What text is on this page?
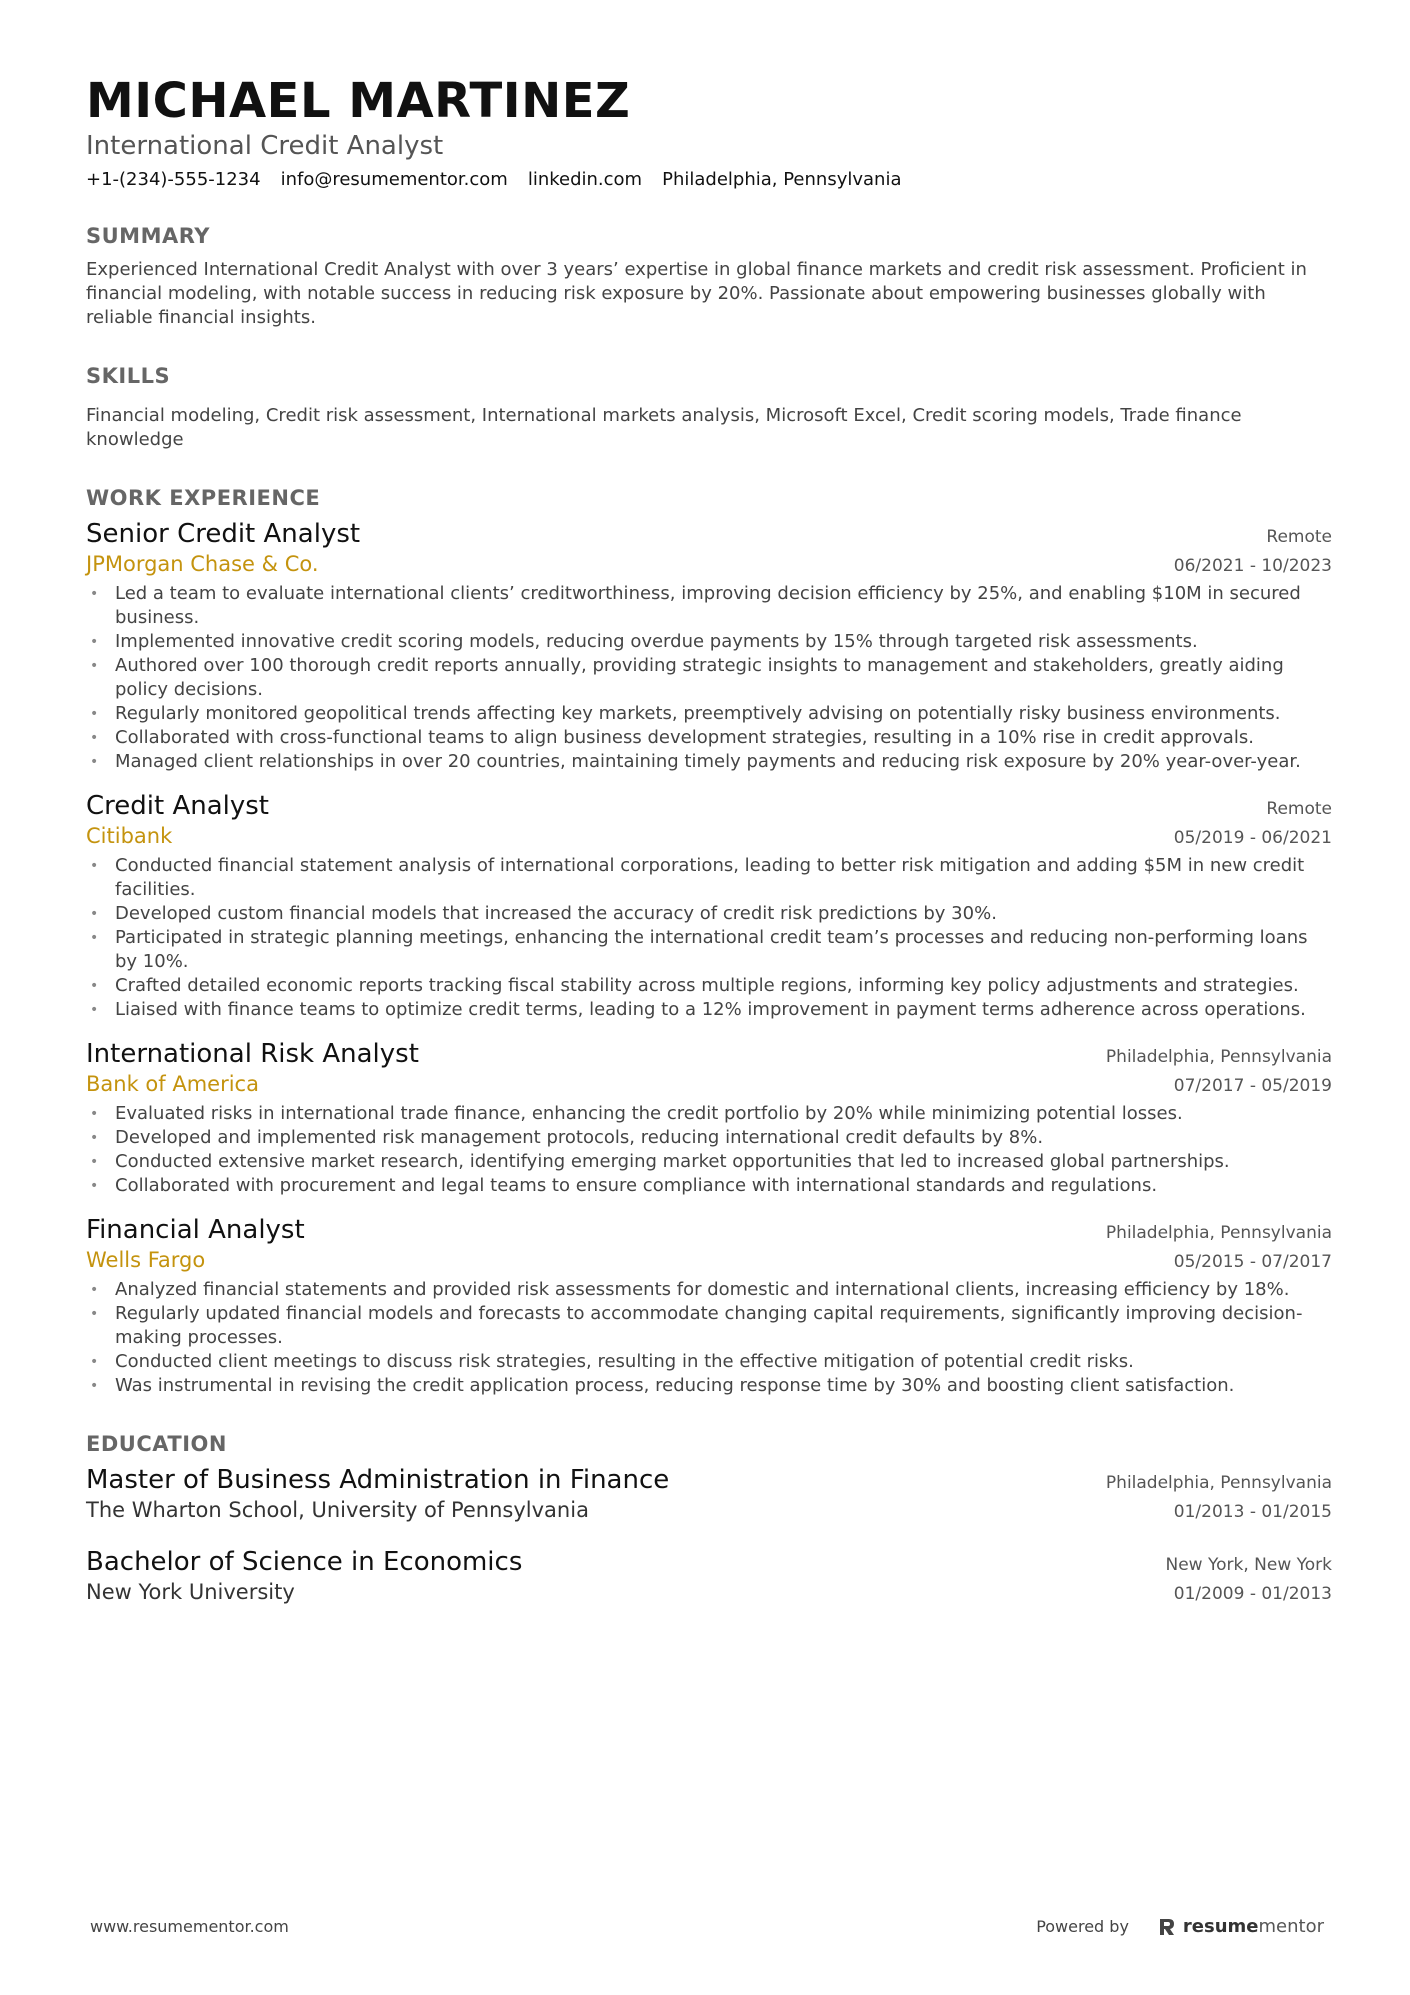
MICHAEL MARTINEZ
International Credit Analyst
+1-(234)-555-1234 info@resumementor.com linkedin.com Philadelphia, Pennsylvania
SUMMARY
Experienced International Credit Analyst with over 3 years’ expertise in global finance markets and credit risk assessment. Proficient in financial modeling, with notable success in reducing risk exposure by 20%. Passionate about empowering businesses globally with reliable financial insights.
SKILLS
Financial modeling, Credit risk assessment, International markets analysis, Microsoft Excel, Credit scoring models, Trade finance knowledge
WORK EXPERIENCE
Senior Credit Analyst	Remote
JPMorgan Chase & Co.	06/2021 - 10/2023
• Led a team to evaluate international clients’ creditworthiness, improving decision efficiency by 25%, and enabling $10M in secured business.
• Implemented innovative credit scoring models, reducing overdue payments by 15% through targeted risk assessments.
• Authored over 100 thorough credit reports annually, providing strategic insights to management and stakeholders, greatly aiding policy decisions.
• Regularly monitored geopolitical trends affecting key markets, preemptively advising on potentially risky business environments.
• Collaborated with cross-functional teams to align business development strategies, resulting in a 10% rise in credit approvals.
• Managed client relationships in over 20 countries, maintaining timely payments and reducing risk exposure by 20% year-over-year.
Credit Analyst	Remote
Citibank	05/2019 - 06/2021
• Conducted financial statement analysis of international corporations, leading to better risk mitigation and adding $5M in new credit facilities.
• Developed custom financial models that increased the accuracy of credit risk predictions by 30%.
• Participated in strategic planning meetings, enhancing the international credit team’s processes and reducing non-performing loans by 10%.
• Crafted detailed economic reports tracking fiscal stability across multiple regions, informing key policy adjustments and strategies.
• Liaised with finance teams to optimize credit terms, leading to a 12% improvement in payment terms adherence across operations.
International Risk Analyst	Philadelphia, Pennsylvania
Bank of America	07/2017 - 05/2019
• Evaluated risks in international trade finance, enhancing the credit portfolio by 20% while minimizing potential losses.
• Developed and implemented risk management protocols, reducing international credit defaults by 8%.
• Conducted extensive market research, identifying emerging market opportunities that led to increased global partnerships.
• Collaborated with procurement and legal teams to ensure compliance with international standards and regulations.
Financial Analyst	Philadelphia, Pennsylvania
Wells Fargo	05/2015 - 07/2017
• Analyzed financial statements and provided risk assessments for domestic and international clients, increasing efficiency by 18%.
• Regularly updated financial models and forecasts to accommodate changing capital requirements, significantly improving decision-making processes.
• Conducted client meetings to discuss risk strategies, resulting in the effective mitigation of potential credit risks.
• Was instrumental in revising the credit application process, reducing response time by 30% and boosting client satisfaction.
EDUCATION
Master of Business Administration in Finance	Philadelphia, Pennsylvania
The Wharton School, University of Pennsylvania	01/2013 - 01/2015
Bachelor of Science in Economics	New York, New York
New York University	01/2009 - 01/2013
www.resumementor.com	Powered by	resumementor
